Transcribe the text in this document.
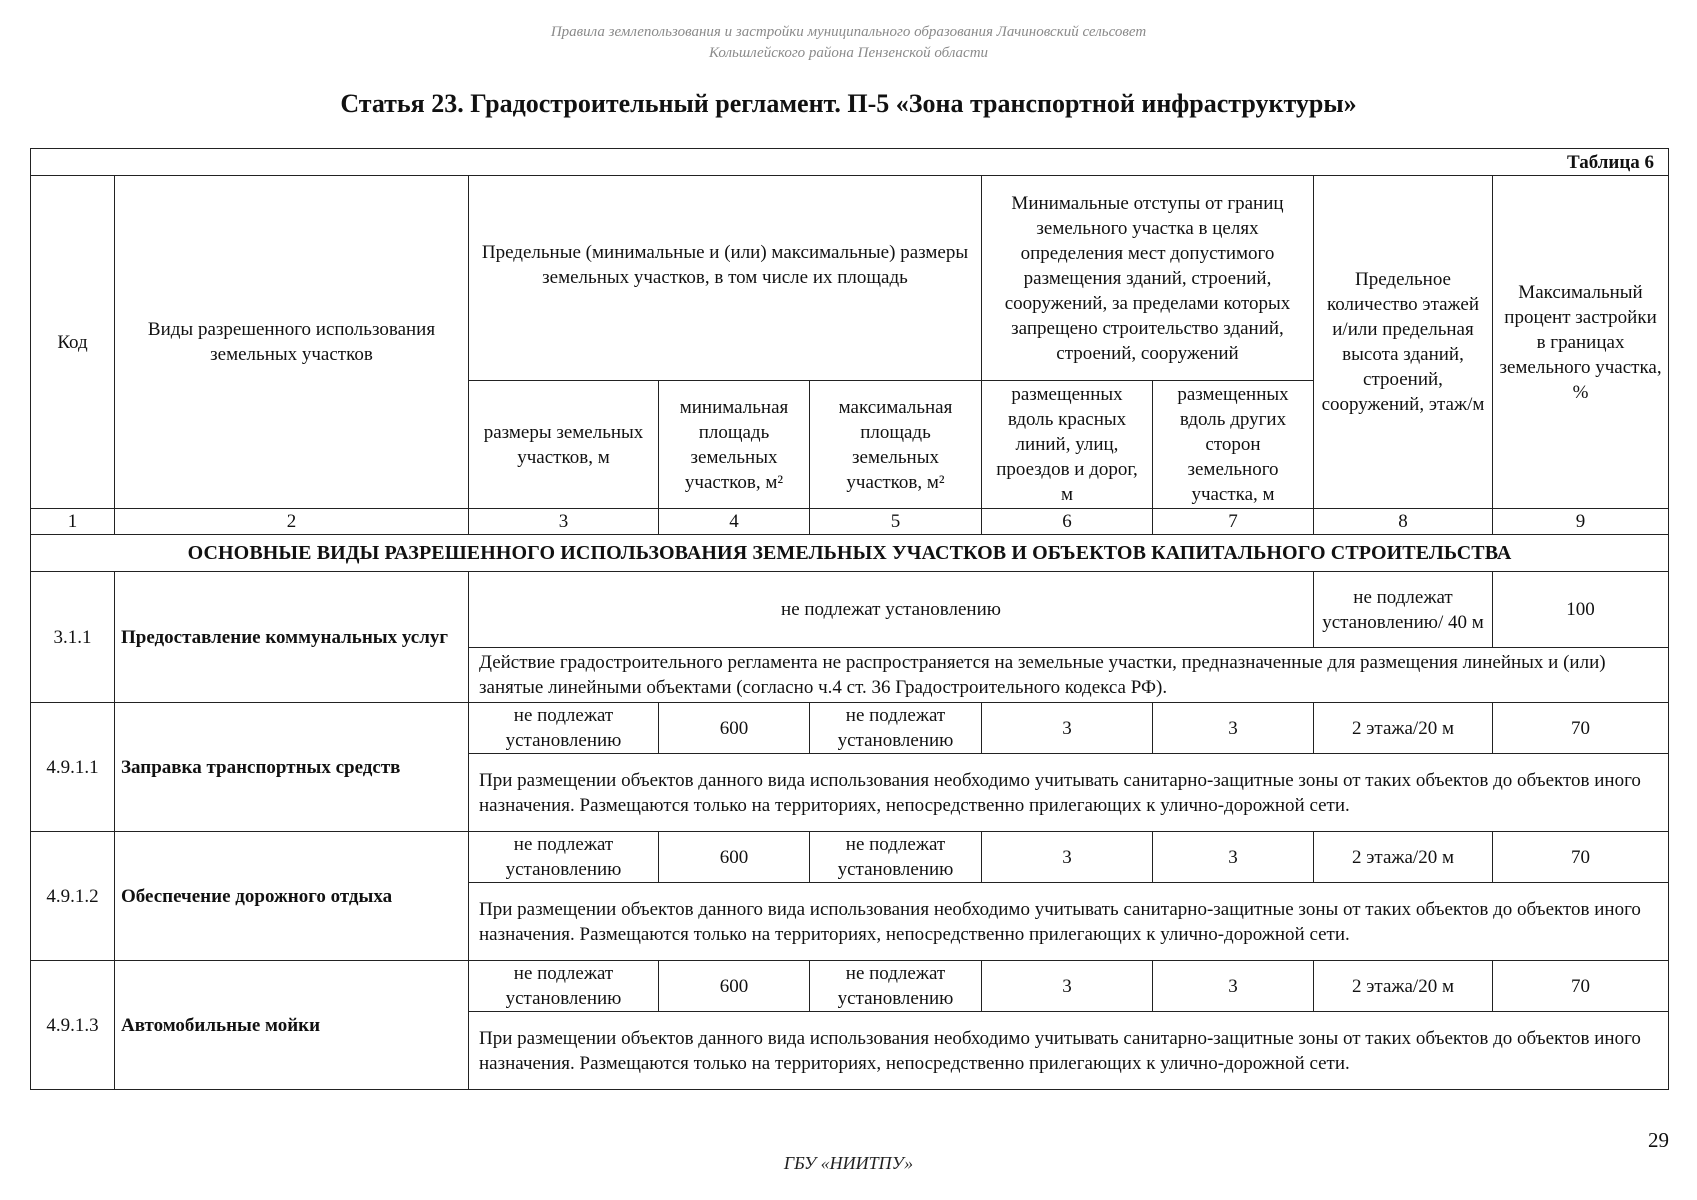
Правила землепользования и застройки муниципального образования Лачиновский сельсовет
Кольшлейского района Пензенской области
Статья 23. Градостроительный регламент. П-5 «Зона транспортной инфраструктуры»
Таблица 6								
Код	Виды разрешенного использования земельных участков	Предельные (минимальные и (или) максимальные) размеры земельных участков, в том числе их площадь			Минимальные отступы от границ земельного участка в целях определения мест допустимого размещения зданий, строений, сооружений, за пределами которых запрещено строительство зданий, строений, сооружений		Предельное количество этажей и/или предельная высота зданий, строений, сооружений, этаж/м	Максимальный процент застройки в границах земельного участка, %
		размеры земельных участков, м	минимальная площадь земельных участков, м²	максимальная площадь земельных участков, м²	размещенных вдоль красных линий, улиц, проездов и дорог, м	размещенных вдоль других сторон земельного участка, м		
1	2	3	4	5	6	7	8	9
ОСНОВНЫЕ ВИДЫ РАЗРЕШЕННОГО ИСПОЛЬЗОВАНИЯ ЗЕМЕЛЬНЫХ УЧАСТКОВ И ОБЪЕКТОВ КАПИТАЛЬНОГО СТРОИТЕЛЬСТВА								
3.1.1	Предоставление коммунальных услуг	не подлежат установлению					не подлежат установлению/ 40 м	100
		Действие градостроительного регламента не распространяется на земельные участки, предназначенные для размещения линейных и (или) занятые линейными объектами (согласно ч.4 ст. 36 Градостроительного кодекса РФ).						
4.9.1.1	Заправка транспортных средств	не подлежат установлению	600	не подлежат установлению	3	3	2 этажа/20 м	70
		При размещении объектов данного вида использования необходимо учитывать санитарно-защитные зоны от таких объектов до объектов иного назначения. Размещаются только на территориях, непосредственно прилегающих к улично-дорожной сети.						
4.9.1.2	Обеспечение дорожного отдыха	не подлежат установлению	600	не подлежат установлению	3	3	2 этажа/20 м	70
		При размещении объектов данного вида использования необходимо учитывать санитарно-защитные зоны от таких объектов до объектов иного назначения. Размещаются только на территориях, непосредственно прилегающих к улично-дорожной сети.						
4.9.1.3	Автомобильные мойки	не подлежат установлению	600	не подлежат установлению	3	3	2 этажа/20 м	70
		При размещении объектов данного вида использования необходимо учитывать санитарно-защитные зоны от таких объектов до объектов иного назначения. Размещаются только на территориях, непосредственно прилегающих к улично-дорожной сети.						
29
ГБУ «НИИТПУ»
